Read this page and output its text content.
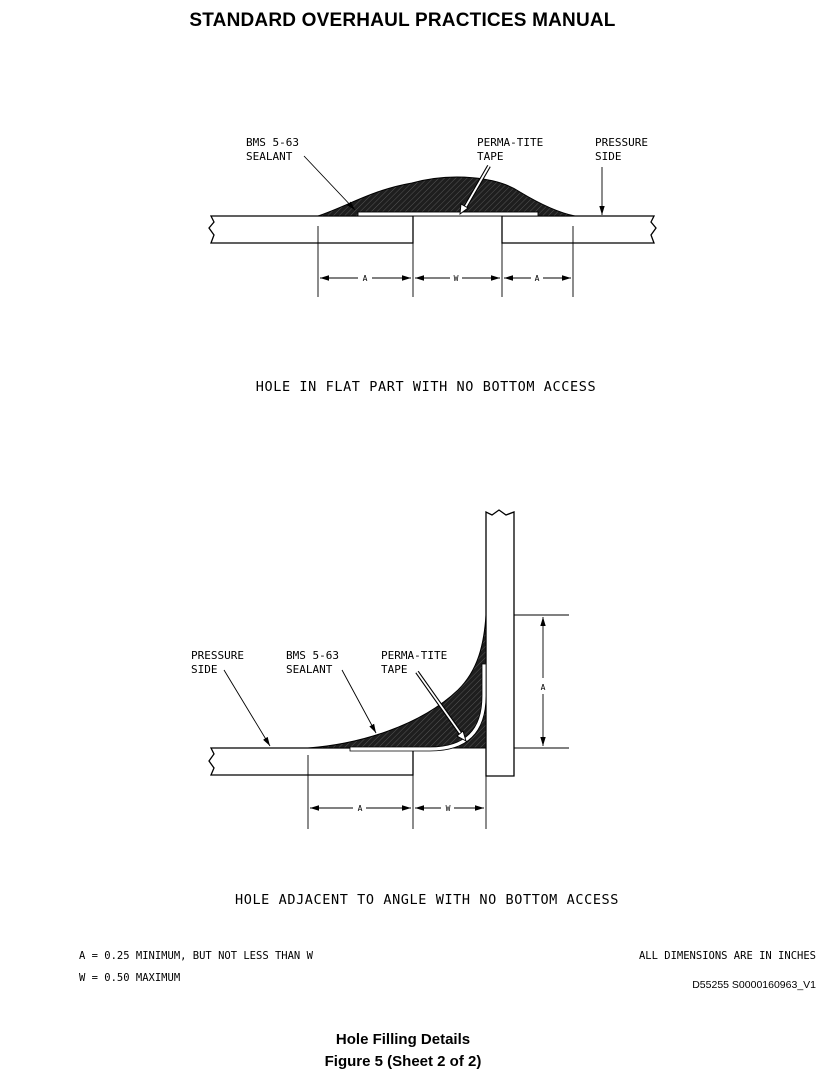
STANDARD OVERHAUL PRACTICES MANUAL
A	W	A
BMS 5-63
SEALANT
PERMA-TITE
TAPE
PRESSURE
SIDE
HOLE IN FLAT PART WITH NO BOTTOM ACCESS
A
A	W
PRESSURE
SIDE
BMS 5-63
SEALANT
PERMA-TITE
TAPE
HOLE ADJACENT TO ANGLE WITH NO BOTTOM ACCESS
A = 0.25 MINIMUM, BUT NOT LESS THAN W
W = 0.50 MAXIMUM
ALL DIMENSIONS ARE IN INCHES
D55255 S0000160963_V1
Hole Filling Details
Figure 5 (Sheet 2 of 2)
